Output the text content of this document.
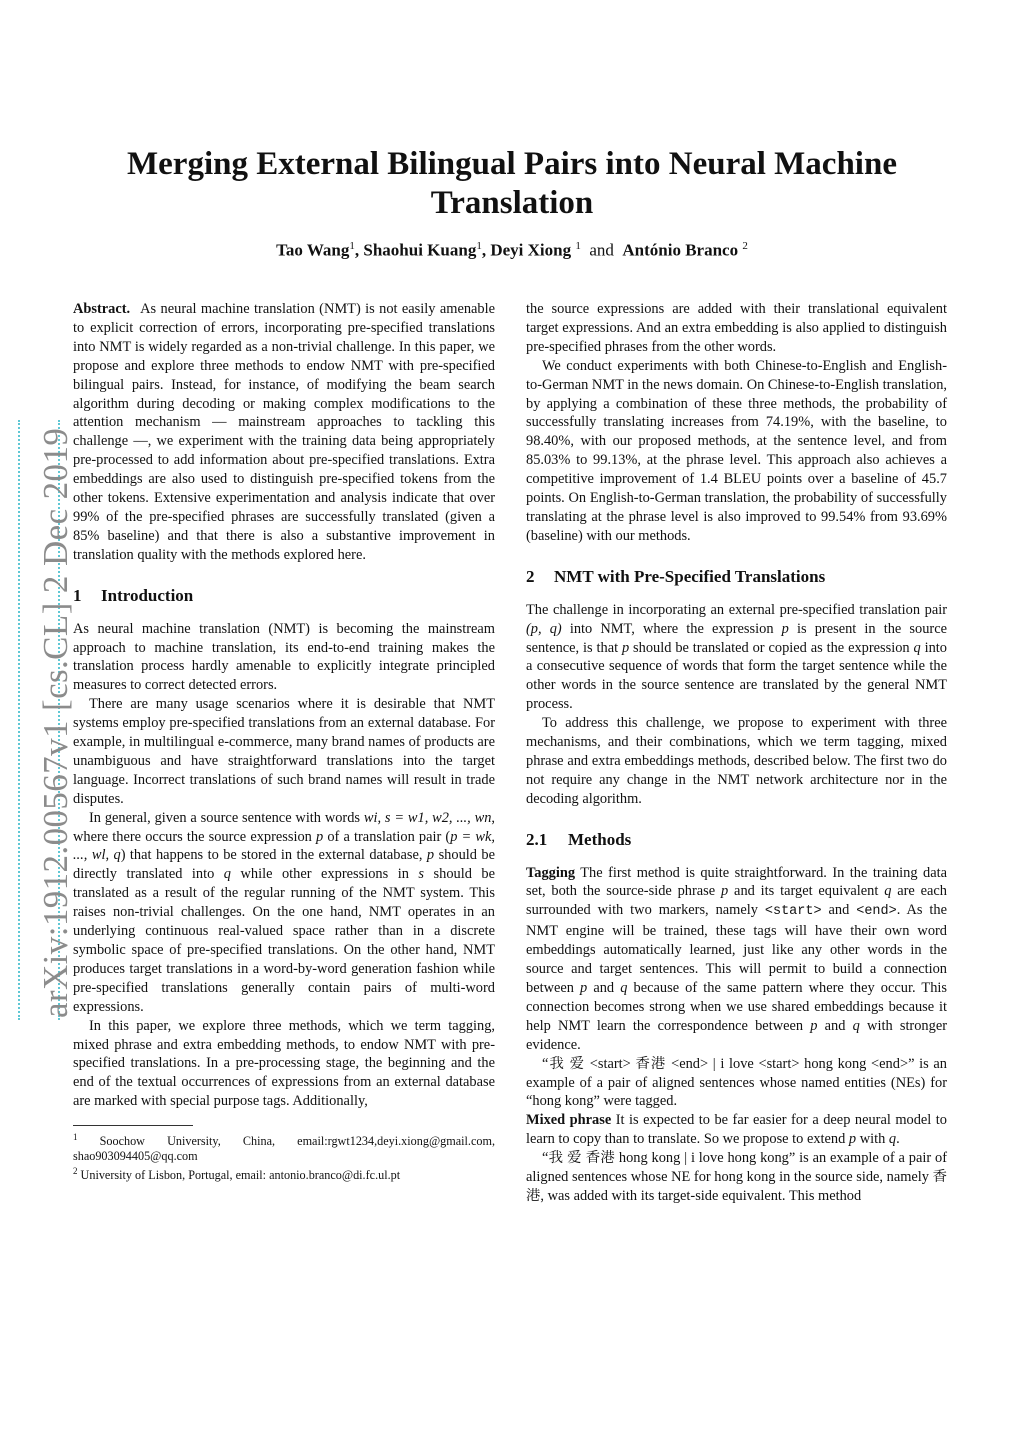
Merging External Bilingual Pairs into Neural Machine Translation
Tao Wang$^1$, Shaohui Kuang$^1$, Deyi Xiong $^1$ and António Branco $^2$
arXiv:1912.00567v1 [cs.CL] 2 Dec 2019

Abstract. As neural machine translation (NMT) is not easily amenable to explicit correction of errors, incorporating pre-specified translations into NMT is widely regarded as a non-trivial challenge. In this paper, we propose and explore three methods to endow NMT with pre-specified bilingual pairs. Instead, for instance, of modifying the beam search algorithm during decoding or making complex modifications to the attention mechanism — mainstream approaches to tackling this challenge —, we experiment with the training data being appropriately pre-processed to add information about pre-specified translations. Extra embeddings are also used to distinguish pre-specified tokens from the other tokens. Extensive experimentation and analysis indicate that over 99% of the pre-specified phrases are successfully translated (given a 85% baseline) and that there is also a substantive improvement in translation quality with the methods explored here.

1 Introduction

As neural machine translation (NMT) is becoming the mainstream approach to machine translation, its end-to-end training makes the translation process hardly amenable to explicitly integrate principled measures to correct detected errors.

There are many usage scenarios where it is desirable that NMT systems employ pre-specified translations from an external database. For example, in multilingual e-commerce, many brand names of products are unambiguous and have straightforward translations into the target language. Incorrect translations of such brand names will result in trade disputes.

In general, given a source sentence with words wi, s = w1, w2, ..., wn, where there occurs the source expression p of a translation pair (p = wk, ..., wl, q) that happens to be stored in the external database, p should be directly translated into q while other expressions in s should be translated as a result of the regular running of the NMT system. This raises non-trivial challenges. On the one hand, NMT operates in an underlying continuous real-valued space rather than in a discrete symbolic space of pre-specified translations. On the other hand, NMT produces target translations in a word-by-word generation fashion while pre-specified translations generally contain pairs of multi-word expressions.

In this paper, we explore three methods, which we term tagging, mixed phrase and extra embedding methods, to endow NMT with pre-specified translations. In a pre-processing stage, the beginning and the end of the textual occurrences of expressions from an external database are marked with special purpose tags. Additionally,

$^1$ Soochow University, China, email:rgwt1234,deyi.xiong@gmail.com, shao903094405@qq.com

$^2$ University of Lisbon, Portugal, email: antonio.branco@di.fc.ul.pt

the source expressions are added with their translational equivalent target expressions. And an extra embedding is also applied to distinguish pre-specified phrases from the other words.

We conduct experiments with both Chinese-to-English and English-to-German NMT in the news domain. On Chinese-to-English translation, by applying a combination of these three methods, the probability of successfully translating increases from 74.19%, with the baseline, to 98.40%, with our proposed methods, at the sentence level, and from 85.03% to 99.13%, at the phrase level. This approach also achieves a competitive improvement of 1.4 BLEU points over a baseline of 45.7 points. On English-to-German translation, the probability of successfully translating at the phrase level is also improved to 99.54% from 93.69% (baseline) with our methods.

2 NMT with Pre-Specified Translations

The challenge in incorporating an external pre-specified translation pair (p, q) into NMT, where the expression p is present in the source sentence, is that p should be translated or copied as the expression q into a consecutive sequence of words that form the target sentence while the other words in the source sentence are translated by the general NMT process.

To address this challenge, we propose to experiment with three mechanisms, and their combinations, which we term tagging, mixed phrase and extra embeddings methods, described below. The first two do not require any change in the NMT network architecture nor in the decoding algorithm.

2.1 Methods

Tagging The first method is quite straightforward. In the training data set, both the source-side phrase p and its target equivalent q are each surrounded with two markers, namely <start> and <end>. As the NMT engine will be trained, these tags will have their own word embeddings automatically learned, just like any other words in the source and target sentences. This will permit to build a connection between p and q because of the same pattern where they occur. This connection becomes strong when we use shared embeddings because it help NMT learn the correspondence between p and q with stronger evidence.

“我 爱 <start> 香港 <end> | i love <start> hong kong <end>” is an example of a pair of aligned sentences whose named entities (NEs) for “hong kong” were tagged.

Mixed phrase It is expected to be far easier for a deep neural model to learn to copy than to translate. So we propose to extend p with q.

“我 爱 香港 hong kong | i love hong kong” is an example of a pair of aligned sentences whose NE for hong kong in the source side, namely 香港, was added with its target-side equivalent. This method
